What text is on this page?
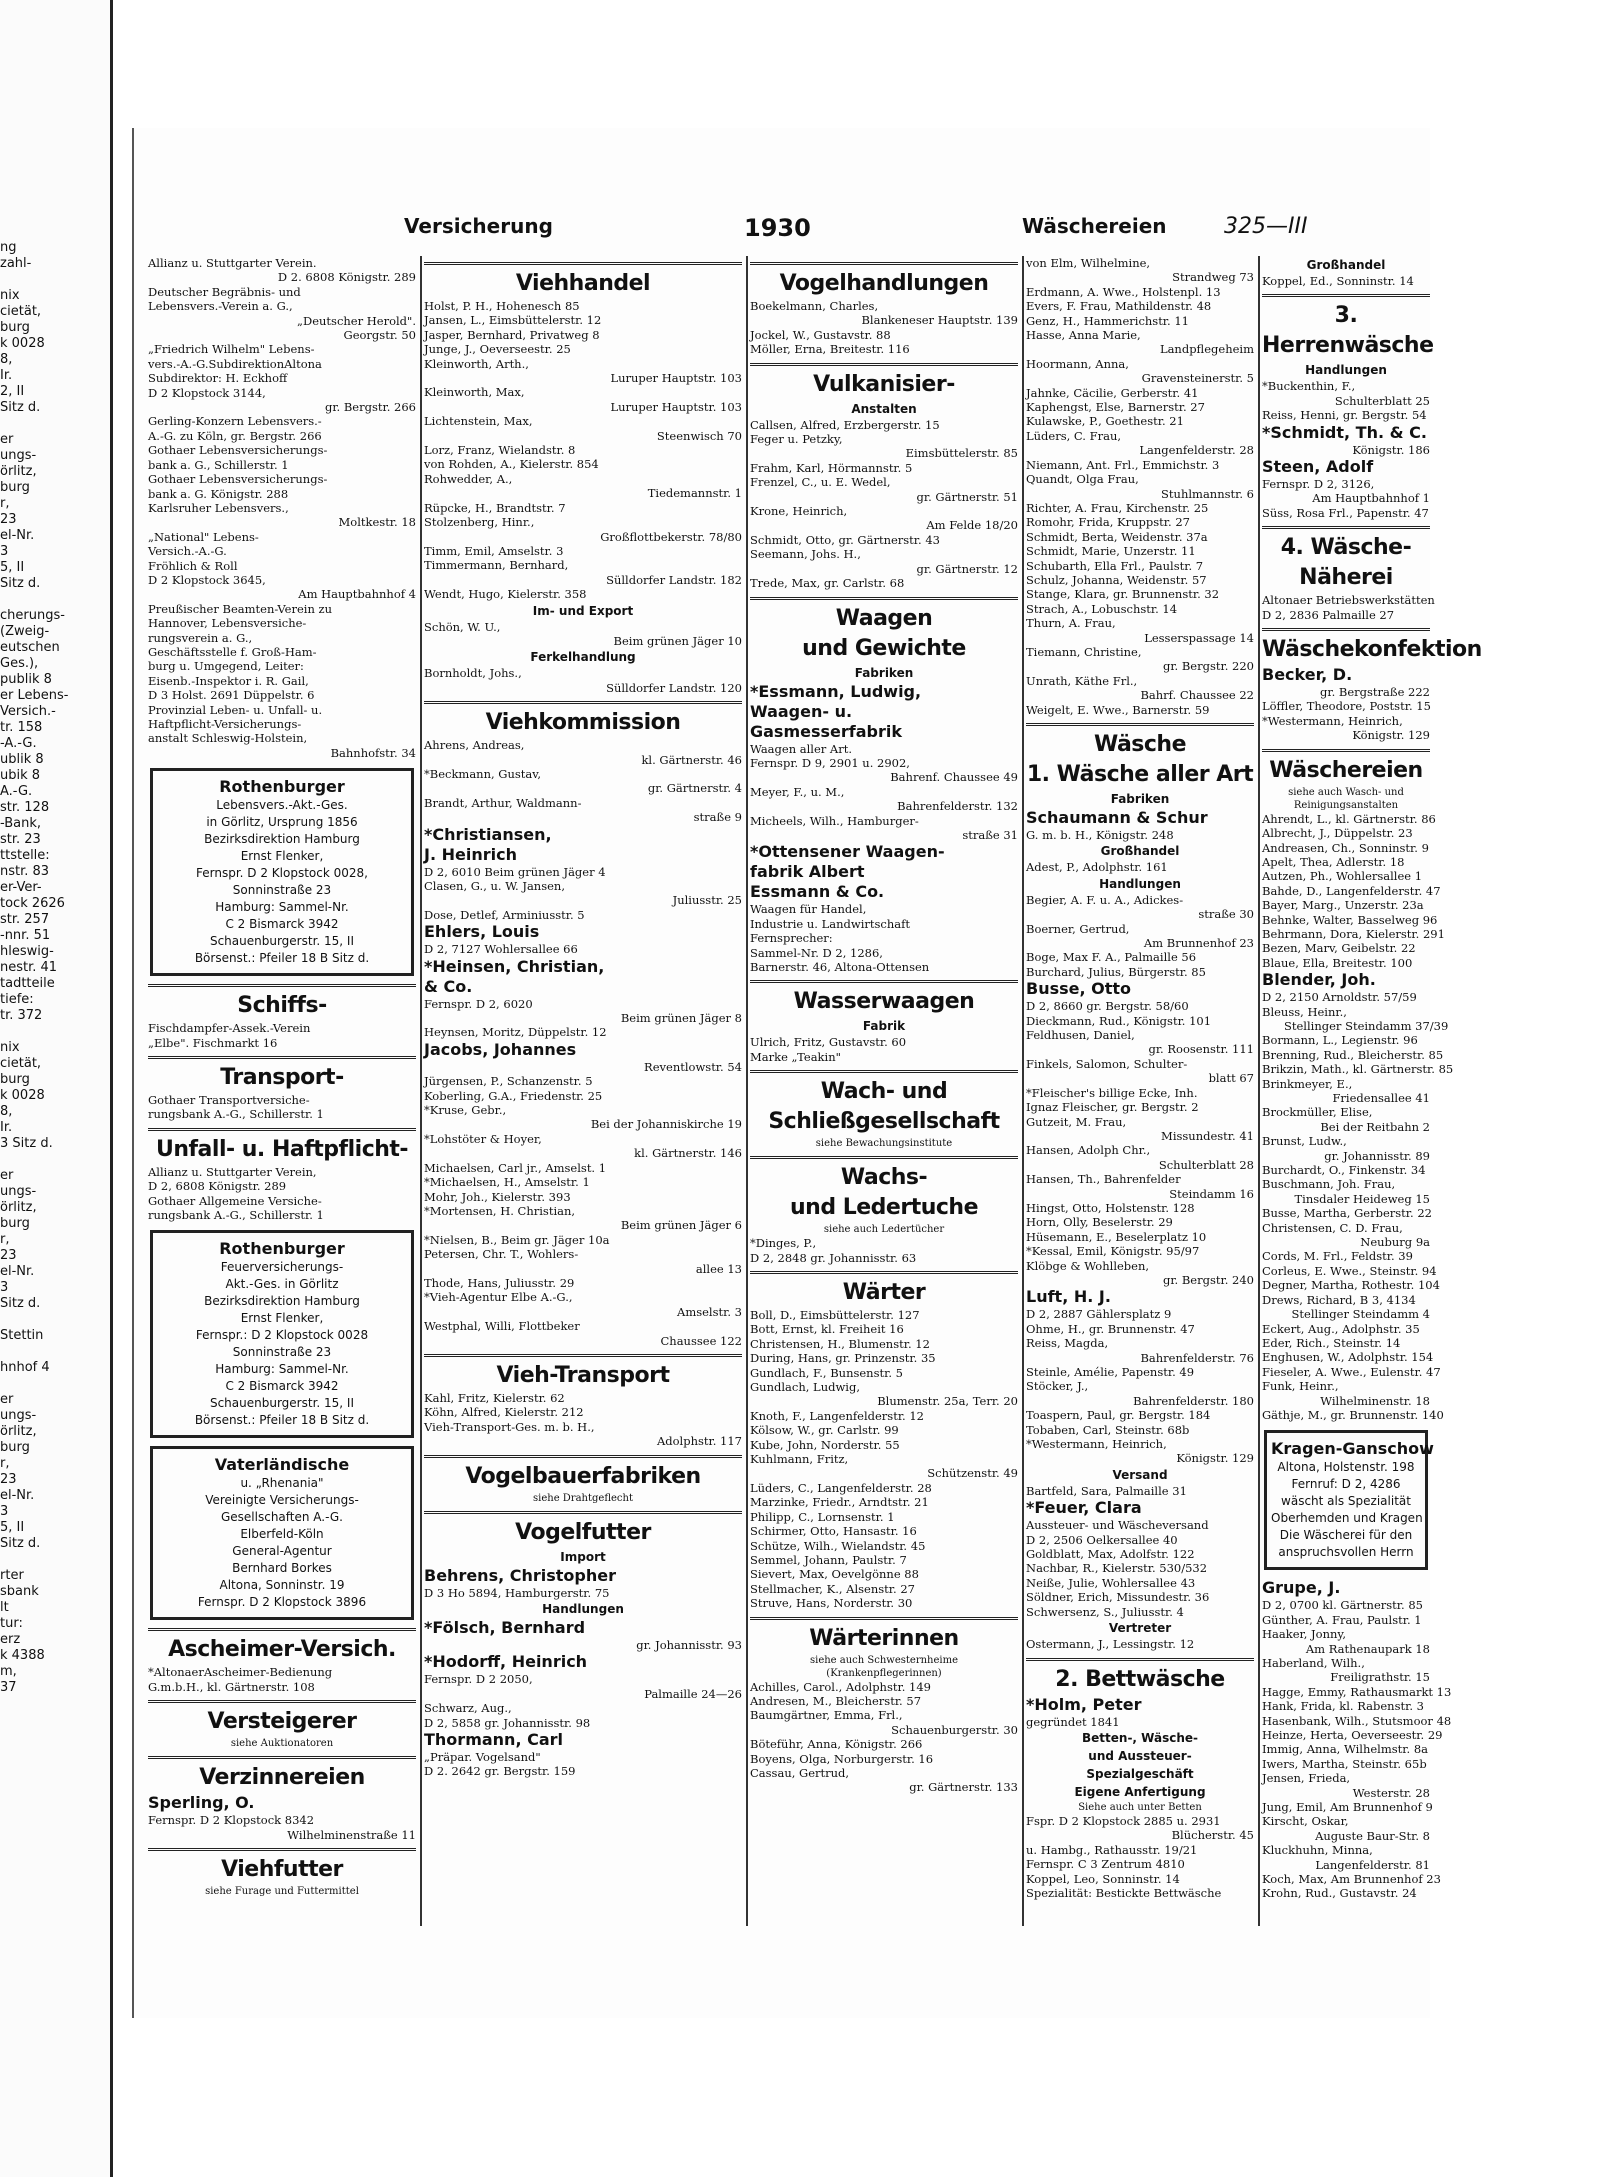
ng
zahl-

nix
cietät,
burg
k 0028
8,
Ir.
2, II
Sitz d.

er
ungs-
örlitz,
burg
r,
23
el-Nr.
3
5, II
Sitz d.

cherungs-
(Zweig-
eutschen
Ges.),
publik 8
er Lebens-
Versich.-
tr. 158
-A.-G.
ublik 8
ubik 8
A.-G.
str. 128
-Bank,
str. 23
ttstelle:
nstr. 83
er-Ver-
tock 2626
str. 257
-nnr. 51
hleswig-
nestr. 41
tadtteile
tiefe:
tr. 372

nix
cietät,
burg
k 0028
8,
Ir.
3 Sitz d.

er
ungs-
örlitz,
burg
r,
23
el-Nr.
3
Sitz d.

Stettin

hnhof 4

er
ungs-
örlitz,
burg
r,
23
el-Nr.
3
5, II
Sitz d.

rter
sbank
lt
tur:
erz
k 4388
m,
37
Versicherung	1930	Wäschereien	325—III
Allianz u. Stuttgarter Verein.
D 2. 6808 Königstr. 289
Deutscher Begräbnis- und
Lebensvers.-Verein a. G.,
„Deutscher Herold".
Georgstr. 50
„Friedrich Wilhelm" Lebens-
vers.-A.-G.SubdirektionAltona
Subdirektor: H. Eckhoff
D 2 Klopstock 3144,
gr. Bergstr. 266
Gerling-Konzern Lebensvers.-
A.-G. zu Köln, gr. Bergstr. 266
Gothaer Lebensversicherungs-
bank a. G., Schillerstr. 1
Gothaer Lebensversicherungs-
bank a. G. Königstr. 288
Karlsruher Lebensvers.,
Moltkestr. 18
„National" Lebens-
Versich.-A.-G.
Fröhlich & Roll
D 2 Klopstock 3645,
Am Hauptbahnhof 4
Preußischer Beamten-Verein zu
Hannover, Lebensversiche-
rungsverein a. G.,
Geschäftsstelle f. Groß-Ham-
burg u. Umgegend, Leiter:
Eisenb.-Inspektor i. R. Gail,
D 3 Holst. 2691 Düppelstr. 6
Provinzial Leben- u. Unfall- u.
Haftpflicht-Versicherungs-
anstalt Schleswig-Holstein,
Bahnhofstr. 34
Rothenburger
Lebensvers.-Akt.-Ges.
in Görlitz, Ursprung 1856
Bezirksdirektion Hamburg
Ernst Flenker,
Fernspr. D 2 Klopstock 0028,
Sonninstraße 23
Hamburg: Sammel-Nr.
C 2 Bismarck 3942
Schauenburgerstr. 15, II
Börsenst.: Pfeiler 18 B Sitz d.
Schiffs-
Fischdampfer-Assek.-Verein
„Elbe". Fischmarkt 16
Transport-
Gothaer Transportversiche-
rungsbank A.-G., Schillerstr. 1
Unfall- u. Haftpflicht-
Allianz u. Stuttgarter Verein,
D 2, 6808 Königstr. 289
Gothaer Allgemeine Versiche-
rungsbank A.-G., Schillerstr. 1
Rothenburger
Feuerversicherungs-
Akt.-Ges. in Görlitz
Bezirksdirektion Hamburg
Ernst Flenker,
Fernspr.: D 2 Klopstock 0028
Sonninstraße 23
Hamburg: Sammel-Nr.
C 2 Bismarck 3942
Schauenburgerstr. 15, II
Börsenst.: Pfeiler 18 B Sitz d.
Vaterländische
u. „Rhenania"
Vereinigte Versicherungs-
Gesellschaften A.-G.
Elberfeld-Köln
General-Agentur
Bernhard Borkes
Altona, Sonninstr. 19
Fernspr. D 2 Klopstock 3896
Ascheimer-Versich.
*AltonaerAscheimer-Bedienung
G.m.b.H., kl. Gärtnerstr. 108
Versteigerer
siehe Auktionatoren
Verzinnereien
Sperling, O.
Fernspr. D 2 Klopstock 8342
Wilhelminenstraße 11
Viehfutter
siehe Furage und Futtermittel
Viehhandel
Holst, P. H., Hohenesch 85
Jansen, L., Eimsbüttelerstr. 12
Jasper, Bernhard, Privatweg 8
Junge, J., Oeverseestr. 25
Kleinworth, Arth.,
Luruper Hauptstr. 103
Kleinworth, Max,
Luruper Hauptstr. 103
Lichtenstein, Max,
Steenwisch 70
Lorz, Franz, Wielandstr. 8
von Rohden, A., Kielerstr. 854
Rohwedder, A.,
Tiedemannstr. 1
Rüpcke, H., Brandtstr. 7
Stolzenberg, Hinr.,
Großflottbekerstr. 78/80
Timm, Emil, Amselstr. 3
Timmermann, Bernhard,
Sülldorfer Landstr. 182
Wendt, Hugo, Kielerstr. 358
Im- und Export
Schön, W. U.,
Beim grünen Jäger 10
Ferkelhandlung
Bornholdt, Johs.,
Sülldorfer Landstr. 120
Viehkommission
Ahrens, Andreas,
kl. Gärtnerstr. 46
*Beckmann, Gustav,
gr. Gärtnerstr. 4
Brandt, Arthur, Waldmann-
straße 9
*Christiansen,
J. Heinrich
D 2, 6010 Beim grünen Jäger 4
Clasen, G., u. W. Jansen,
Juliusstr. 25
Dose, Detlef, Arminiusstr. 5
Ehlers, Louis
D 2, 7127 Wohlersallee 66
*Heinsen, Christian,
& Co.
Fernspr. D 2, 6020
Beim grünen Jäger 8
Heynsen, Moritz, Düppelstr. 12
Jacobs, Johannes
Reventlowstr. 54
Jürgensen, P., Schanzenstr. 5
Koberling, G.A., Friedenstr. 25
*Kruse, Gebr.,
Bei der Johanniskirche 19
*Lohstöter & Hoyer,
kl. Gärtnerstr. 146
Michaelsen, Carl jr., Amselst. 1
*Michaelsen, H., Amselstr. 1
Mohr, Joh., Kielerstr. 393
*Mortensen, H. Christian,
Beim grünen Jäger 6
*Nielsen, B., Beim gr. Jäger 10a
Petersen, Chr. T., Wohlers-
allee 13
Thode, Hans, Juliusstr. 29
*Vieh-Agentur Elbe A.-G.,
Amselstr. 3
Westphal, Willi, Flottbeker
Chaussee 122
Vieh-Transport
Kahl, Fritz, Kielerstr. 62
Köhn, Alfred, Kielerstr. 212
Vieh-Transport-Ges. m. b. H.,
Adolphstr. 117
Vogelbauerfabriken
siehe Drahtgeflecht
Vogelfutter
Import
Behrens, Christopher
D 3 Ho 5894, Hamburgerstr. 75
Handlungen
*Fölsch, Bernhard
gr. Johannisstr. 93
*Hodorff, Heinrich
Fernspr. D 2 2050,
Palmaille 24—26
Schwarz, Aug.,
D 2, 5858 gr. Johannisstr. 98
Thormann, Carl
„Präpar. Vogelsand"
D 2. 2642 gr. Bergstr. 159
Vogelhandlungen
Boekelmann, Charles,
Blankeneser Hauptstr. 139
Jockel, W., Gustavstr. 88
Möller, Erna, Breitestr. 116
Vulkanisier-
Anstalten
Callsen, Alfred, Erzbergerstr. 15
Feger u. Petzky,
Eimsbüttelerstr. 85
Frahm, Karl, Hörmannstr. 5
Frenzel, C., u. E. Wedel,
gr. Gärtnerstr. 51
Krone, Heinrich,
Am Felde 18/20
Schmidt, Otto, gr. Gärtnerstr. 43
Seemann, Johs. H.,
gr. Gärtnerstr. 12
Trede, Max, gr. Carlstr. 68
Waagen
und Gewichte
Fabriken
*Essmann, Ludwig,
Waagen- u.
Gasmesserfabrik
Waagen aller Art.
Fernspr. D 9, 2901 u. 2902,
Bahrenf. Chaussee 49
Meyer, F., u. M.,
Bahrenfelderstr. 132
Micheels, Wilh., Hamburger-
straße 31
*Ottensener Waagen-
fabrik Albert
Essmann & Co.
Waagen für Handel,
Industrie u. Landwirtschaft
Fernsprecher:
Sammel-Nr. D 2, 1286,
Barnerstr. 46, Altona-Ottensen
Wasserwaagen
Fabrik
Ulrich, Fritz, Gustavstr. 60
Marke „Teakin"
Wach- und Schließgesellschaft
siehe Bewachungsinstitute
Wachs-
und Ledertuche
siehe auch Ledertücher
*Dinges, P.,
D 2, 2848 gr. Johannisstr. 63
Wärter
Boll, D., Eimsbüttelerstr. 127
Bott, Ernst, kl. Freiheit 16
Christensen, H., Blumenstr. 12
During, Hans, gr. Prinzenstr. 35
Gundlach, F., Bunsenstr. 5
Gundlach, Ludwig,
Blumenstr. 25a, Terr. 20
Knoth, F., Langenfelderstr. 12
Kölsow, W., gr. Carlstr. 99
Kube, John, Norderstr. 55
Kuhlmann, Fritz,
Schützenstr. 49
Lüders, C., Langenfelderstr. 28
Marzinke, Friedr., Arndtstr. 21
Philipp, C., Lornsenstr. 1
Schirmer, Otto, Hansastr. 16
Schütze, Wilh., Wielandstr. 45
Semmel, Johann, Paulstr. 7
Sievert, Max, Oevelgönne 88
Stellmacher, K., Alsenstr. 27
Struve, Hans, Norderstr. 30
Wärterinnen
siehe auch Schwesternheime
(Krankenpflegerinnen)
Achilles, Carol., Adolphstr. 149
Andresen, M., Bleicherstr. 57
Baumgärtner, Emma, Frl.,
Schauenburgerstr. 30
Böteführ, Anna, Königstr. 266
Boyens, Olga, Norburgerstr. 16
Cassau, Gertrud,
gr. Gärtnerstr. 133
von Elm, Wilhelmine,
Strandweg 73
Erdmann, A. Wwe., Holstenpl. 13
Evers, F. Frau, Mathildenstr. 48
Genz, H., Hammerichstr. 11
Hasse, Anna Marie,
Landpflegeheim
Hoormann, Anna,
Gravensteinerstr. 5
Jahnke, Cäcilie, Gerberstr. 41
Kaphengst, Else, Barnerstr. 27
Kulawske, P., Goethestr. 21
Lüders, C. Frau,
Langenfelderstr. 28
Niemann, Ant. Frl., Emmichstr. 3
Quandt, Olga Frau,
Stuhlmannstr. 6
Richter, A. Frau, Kirchenstr. 25
Romohr, Frida, Kruppstr. 27
Schmidt, Berta, Weidenstr. 37a
Schmidt, Marie, Unzerstr. 11
Schubarth, Ella Frl., Paulstr. 7
Schulz, Johanna, Weidenstr. 57
Stange, Klara, gr. Brunnenstr. 32
Strach, A., Lobuschstr. 14
Thurn, A. Frau,
Lesserspassage 14
Tiemann, Christine,
gr. Bergstr. 220
Unrath, Käthe Frl.,
Bahrf. Chaussee 22
Weigelt, E. Wwe., Barnerstr. 59
Wäsche
1. Wäsche aller Art
Fabriken
Schaumann & Schur
G. m. b. H., Königstr. 248
Großhandel
Adest, P., Adolphstr. 161
Handlungen
Begier, A. F. u. A., Adickes-
straße 30
Boerner, Gertrud,
Am Brunnenhof 23
Boge, Max F. A., Palmaille 56
Burchard, Julius, Bürgerstr. 85
Busse, Otto
D 2, 8660 gr. Bergstr. 58/60
Dieckmann, Rud., Königstr. 101
Feldhusen, Daniel,
gr. Roosenstr. 111
Finkels, Salomon, Schulter-
blatt 67
*Fleischer's billige Ecke, Inh.
Ignaz Fleischer, gr. Bergstr. 2
Gutzeit, M. Frau,
Missundestr. 41
Hansen, Adolph Chr.,
Schulterblatt 28
Hansen, Th., Bahrenfelder
Steindamm 16
Hingst, Otto, Holstenstr. 128
Horn, Olly, Beselerstr. 29
Hüsemann, E., Beselerplatz 10
*Kessal, Emil, Königstr. 95/97
Klöbge & Wohlleben,
gr. Bergstr. 240
Luft, H. J.
D 2, 2887 Gählersplatz 9
Ohme, H., gr. Brunnenstr. 47
Reiss, Magda,
Bahrenfelderstr. 76
Steinle, Amélie, Papenstr. 49
Stöcker, J.,
Bahrenfelderstr. 180
Toaspern, Paul, gr. Bergstr. 184
Tobaben, Carl, Steinstr. 68b
*Westermann, Heinrich,
Königstr. 129
Versand
Bartfeld, Sara, Palmaille 31
*Feuer, Clara
Aussteuer- und Wäscheversand
D 2, 2506 Oelkersallee 40
Goldblatt, Max, Adolfstr. 122
Nachbar, R., Kielerstr. 530/532
Neiße, Julie, Wohlersallee 43
Söldner, Erich, Missundestr. 36
Schwersenz, S., Juliusstr. 4
Vertreter
Ostermann, J., Lessingstr. 12
2. Bettwäsche
*Holm, Peter
gegründet 1841
Betten-, Wäsche-
und Aussteuer-
Spezialgeschäft
Eigene Anfertigung
Siehe auch unter Betten
Fspr. D 2 Klopstock 2885 u. 2931
Blücherstr. 45
u. Hambg., Rathausstr. 19/21
Fernspr. C 3 Zentrum 4810
Koppel, Leo, Sonninstr. 14
Spezialität: Bestickte Bettwäsche
Großhandel
Koppel, Ed., Sonninstr. 14
3. Herrenwäsche
Handlungen
*Buckenthin, F.,
Schulterblatt 25
Reiss, Henni, gr. Bergstr. 54
*Schmidt, Th. & C.
Königstr. 186
Steen, Adolf
Fernspr. D 2, 3126,
Am Hauptbahnhof 1
Süss, Rosa Frl., Papenstr. 47
4. Wäsche-Näherei
Altonaer Betriebswerkstätten
D 2, 2836 Palmaille 27
Wäschekonfektion
Becker, D.
gr. Bergstraße 222
Löffler, Theodore, Poststr. 15
*Westermann, Heinrich,
Königstr. 129
Wäschereien
siehe auch Wasch- und
Reinigungsanstalten
Ahrendt, L., kl. Gärtnerstr. 86
Albrecht, J., Düppelstr. 23
Andreasen, Ch., Sonninstr. 9
Apelt, Thea, Adlerstr. 18
Autzen, Ph., Wohlersallee 1
Bahde, D., Langenfelderstr. 47
Bayer, Marg., Unzerstr. 23a
Behnke, Walter, Basselweg 96
Behrmann, Dora, Kielerstr. 291
Bezen, Marv, Geibelstr. 22
Blaue, Ella, Breitestr. 100
Blender, Joh.
D 2, 2150 Arnoldstr. 57/59
Bleuss, Heinr.,
Stellinger Steindamm 37/39
Bormann, L., Legienstr. 96
Brenning, Rud., Bleicherstr. 85
Brikzin, Math., kl. Gärtnerstr. 85
Brinkmeyer, E.,
Friedensallee 41
Brockmüller, Elise,
Bei der Reitbahn 2
Brunst, Ludw.,
gr. Johannisstr. 89
Burchardt, O., Finkenstr. 34
Buschmann, Joh. Frau,
Tinsdaler Heideweg 15
Busse, Martha, Gerberstr. 22
Christensen, C. D. Frau,
Neuburg 9a
Cords, M. Frl., Feldstr. 39
Corleus, E. Wwe., Steinstr. 94
Degner, Martha, Rothestr. 104
Drews, Richard, B 3, 4134
Stellinger Steindamm 4
Eckert, Aug., Adolphstr. 35
Eder, Rich., Steinstr. 14
Enghusen, W., Adolphstr. 154
Fieseler, A. Wwe., Eulenstr. 47
Funk, Heinr.,
Wilhelminenstr. 18
Gäthje, M., gr. Brunnenstr. 140
Kragen-Ganschow
Altona, Holstenstr. 198
Fernruf: D 2, 4286
wäscht als Spezialität
Oberhemden und Kragen
Die Wäscherei für den
anspruchsvollen Herrn
Grupe, J.
D 2, 0700 kl. Gärtnerstr. 85
Günther, A. Frau, Paulstr. 1
Haaker, Jonny,
Am Rathenaupark 18
Haberland, Wilh.,
Freiligrathstr. 15
Hagge, Emmy, Rathausmarkt 13
Hank, Frida, kl. Rabenstr. 3
Hasenbank, Wilh., Stutsmoor 48
Heinze, Herta, Oeverseestr. 29
Immig, Anna, Wilhelmstr. 8a
Iwers, Martha, Steinstr. 65b
Jensen, Frieda,
Westerstr. 28
Jung, Emil, Am Brunnenhof 9
Kirscht, Oskar,
Auguste Baur-Str. 8
Kluckhuhn, Minna,
Langenfelderstr. 81
Koch, Max, Am Brunnenhof 23
Krohn, Rud., Gustavstr. 24
